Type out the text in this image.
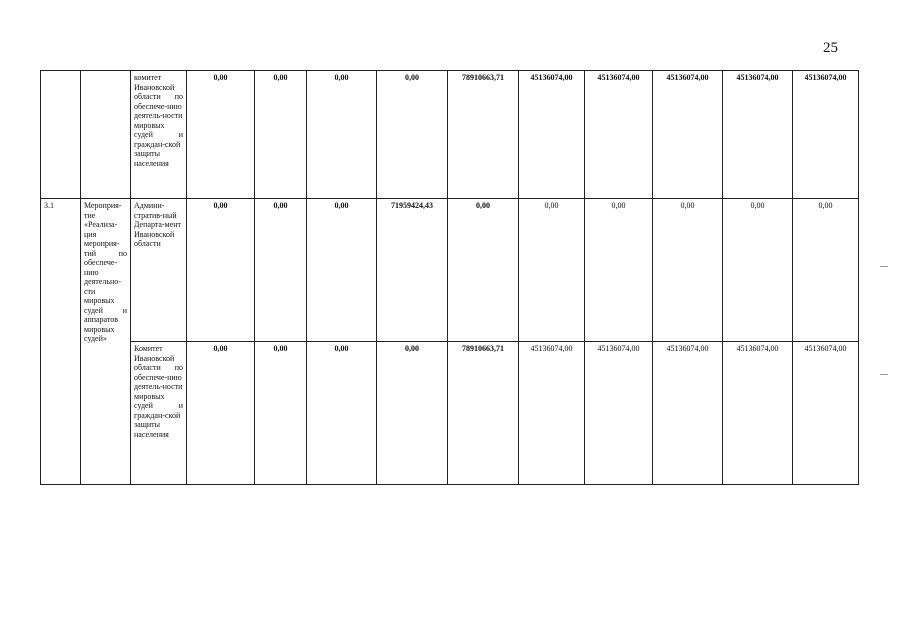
25
		комитет Ивановской области по обеспече-нию деятель-ности мировых судей и граждан-ской защиты населения	0,00	0,00	0,00	0,00	78910663,71	45136074,00	45136074,00	45136074,00	45136074,00	45136074,00
3.1	Мероприя-тие «Реализа-ция мероприя-тий по обеспече-нию деятельно-сти мировых судей и аппаратов мировых судей»	Админи-стратив-ный Департа-мент Ивановской области	0,00	0,00	0,00	71959424,43	0,00	0,00	0,00	0,00	0,00	0,00
		Комитет Ивановской области по обеспече-нию деятель-ности мировых судей и граждан-ской защиты населения	0,00	0,00	0,00	0,00	78910663,71	45136074,00	45136074,00	45136074,00	45136074,00	45136074,00
